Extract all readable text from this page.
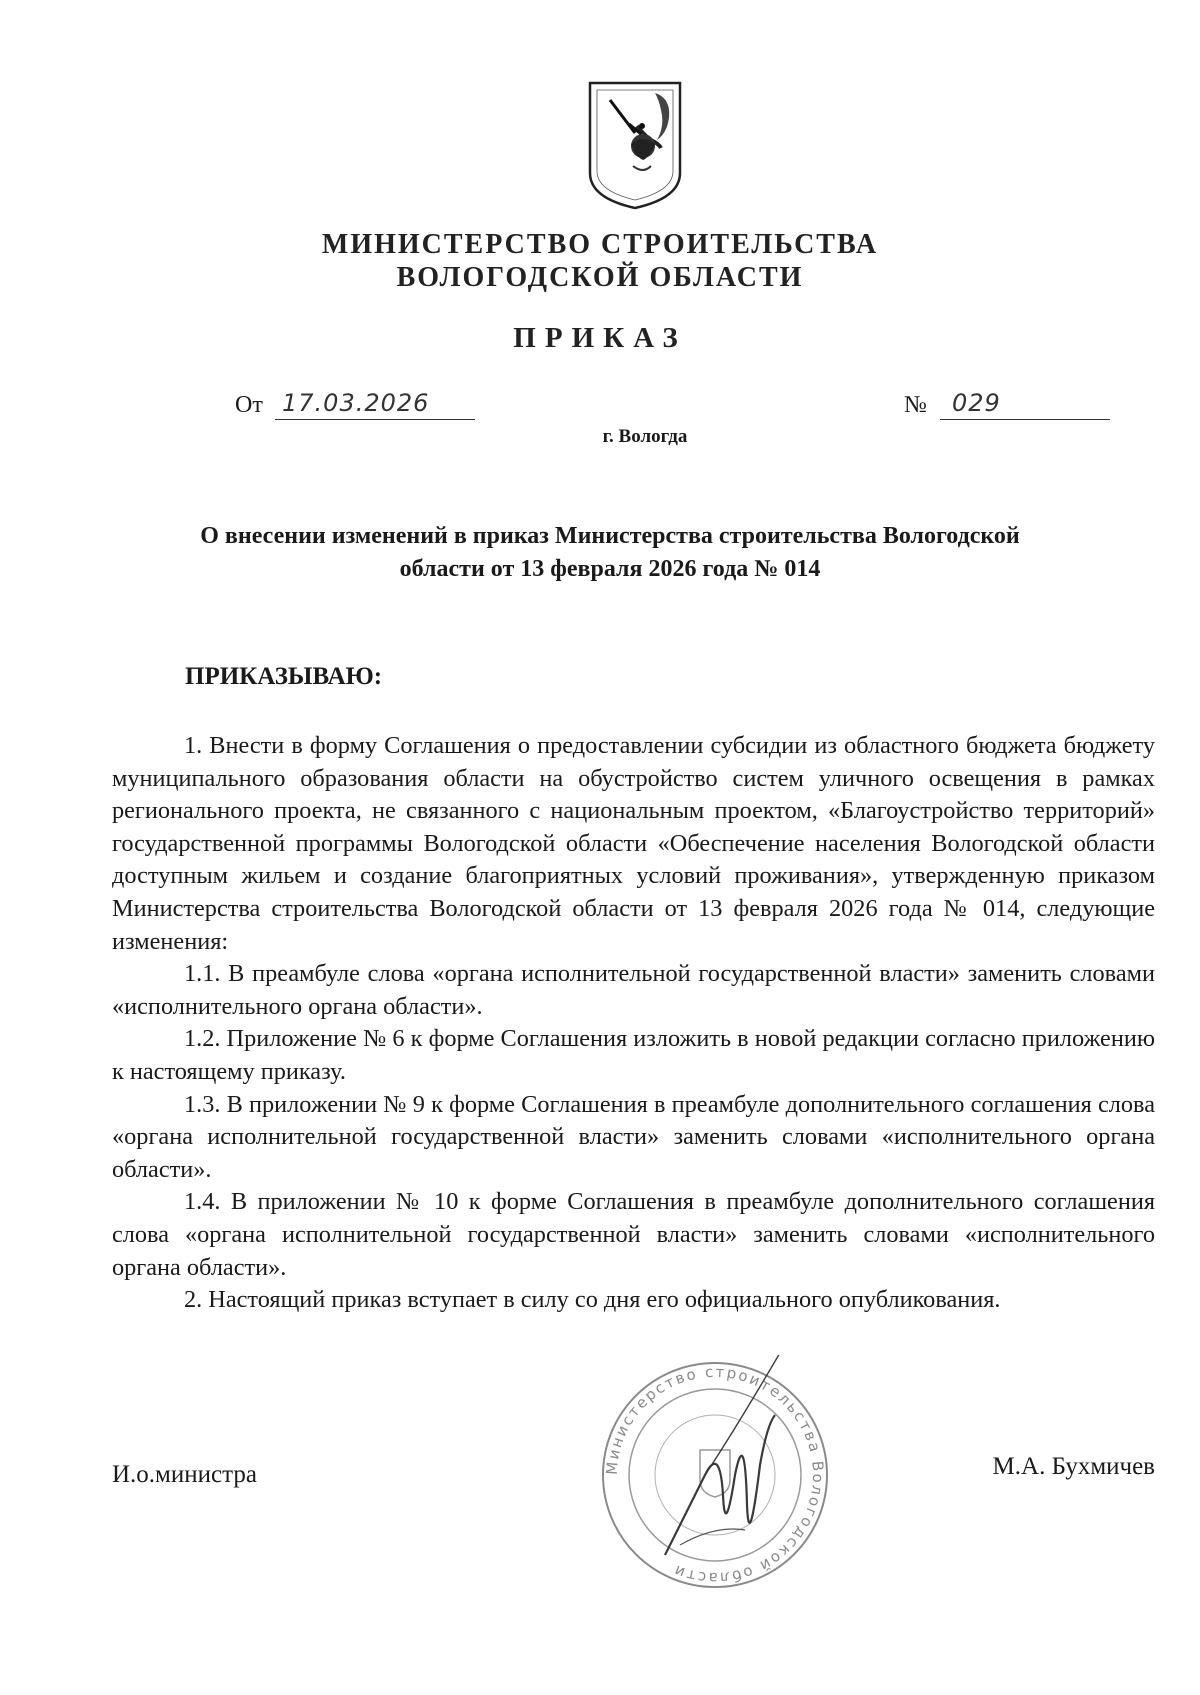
МИНИСТЕРСТВО СТРОИТЕЛЬСТВА
ВОЛОГОДСКОЙ ОБЛАСТИ
ПРИКАЗ
От 17.03.2026	№ 029
г. Вологда
О внесении изменений в приказ Министерства строительства Вологодской
области от 13 февраля 2026 года № 014
ПРИКАЗЫВАЮ:

1. Внести в форму Соглашения о предоставлении субсидии из областного бюджета бюджету муниципального образования области на обустройство систем уличного освещения в рамках регионального проекта, не связанного с национальным проектом, «Благоустройство территорий» государственной программы Вологодской области «Обеспечение населения Вологодской области доступным жильем и создание благоприятных условий проживания», утвержденную приказом Министерства строительства Вологодской области от 13 февраля 2026 года № 014, следующие изменения:

1.1. В преамбуле слова «органа исполнительной государственной власти» заменить словами «исполнительного органа области».

1.2. Приложение № 6 к форме Соглашения изложить в новой редакции согласно приложению к настоящему приказу.

1.3. В приложении № 9 к форме Соглашения в преамбуле дополнительного соглашения слова «органа исполнительной государственной власти» заменить словами «исполнительного органа области».

1.4. В приложении № 10 к форме Соглашения в преамбуле дополнительного соглашения слова «органа исполнительной государственной власти» заменить словами «исполнительного органа области».

2. Настоящий приказ вступает в силу со дня его официального опубликования.

Министерство строительства Вологодской области
И.о.министра	М.А. Бухмичев
